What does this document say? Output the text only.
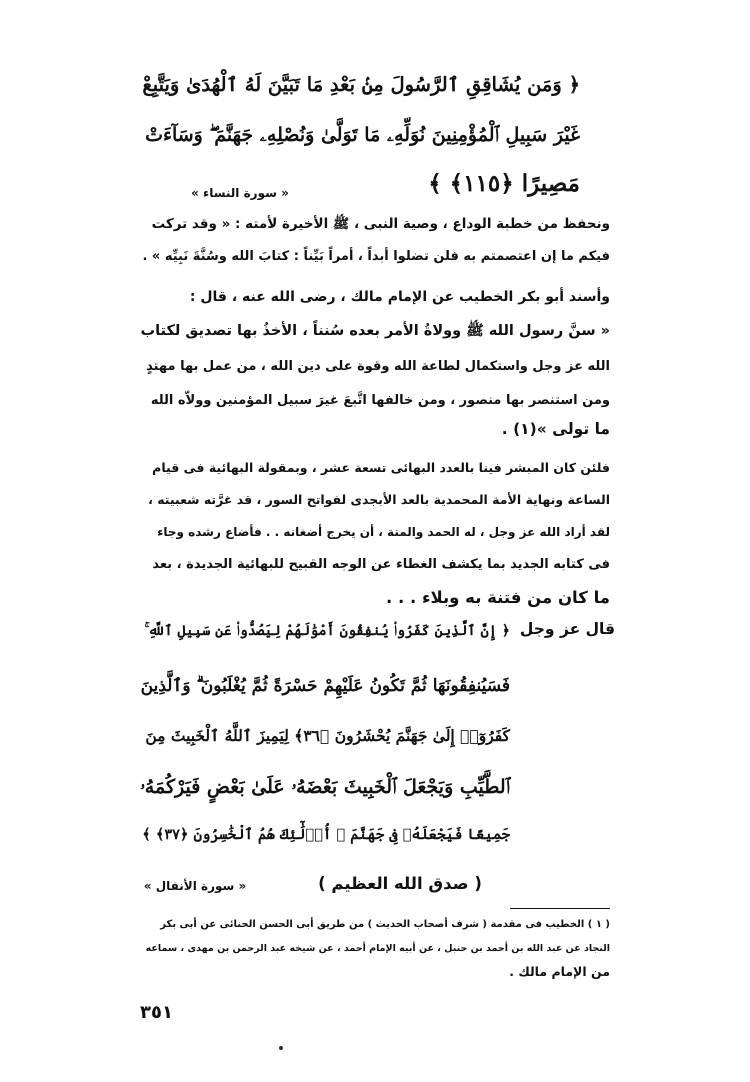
﴿ وَمَن يُشَاقِقِ ٱلرَّسُولَ مِنۢ بَعْدِ مَا تَبَيَّنَ لَهُ ٱلْهُدَىٰ وَيَتَّبِعْ
غَيْرَ سَبِيلِ ٱلْمُؤْمِنِينَ نُوَلِّهِۦ مَا تَوَلَّىٰ وَنُصْلِهِۦ جَهَنَّمَ ۖ وَسَآءَتْ
مَصِيرًا ﴿١١٥﴾ ﴾
« سورة النساء »
ونحفظ من خطبة الوداع ، وصية النبى ، ﷺ الأخيرة لأمته : « وقد تركت
فيكم ما إن اعتصمتم به فلن تضلوا أبداً ، أمراً بَيِّناً : كتابَ الله وسُنَّةَ نَبِيِّه » .
وأسند أبو بكر الخطيب عن الإمام مالك ، رضى الله عنه ، قال :
« سنَّ رسول الله ﷺ وولاةُ الأمر بعده سُنناً ، الأخذُ بها تصديق لكتاب
الله عز وجل واستكمال لطاعة الله وقوة على دين الله ، من عمل بها مهتدٍ
ومن استنصر بها منصور ، ومن خالفها اتَّبعَ غيرَ سبيل المؤمنين وولاّه الله
ما تولى »(١) .
فلئن كان المبشر فينا بالعدد البهائى تسعة عشر ، وبمقولة البهائية فى قيام
الساعة ونهاية الأمة المحمدية بالعد الأبجدى لفواتح السور ، قد غرَّته شعبيته ،
لقد أراد الله عز وجل ، له الحمد والمنة ، أن يخرج أضغانه . . فأضاع رشده وجاء
فى كتابه الجديد بما يكشف الغطاء عن الوجه القبيح للبهائية الجديدة ، بعد
ما كان من فتنة به وبلاء . . .
قال عز وجل
﴿ إِنَّ ٱلَّذِينَ كَفَرُوا۟ يُنفِقُونَ أَمْوَٰلَهُمْ لِيَصُدُّوا۟ عَن سَبِيلِ ٱللَّهِ ۚ
فَسَيُنفِقُونَهَا ثُمَّ تَكُونُ عَلَيْهِمْ حَسْرَةً ثُمَّ يُغْلَبُونَ ۗ وَٱلَّذِينَ
كَفَرُوٓا۟ إِلَىٰ جَهَنَّمَ يُحْشَرُونَ ﴿٣٦﴾ لِيَمِيزَ ٱللَّهُ ٱلْخَبِيثَ مِنَ
ٱلطَّيِّبِ وَيَجْعَلَ ٱلْخَبِيثَ بَعْضَهُۥ عَلَىٰ بَعْضٍ فَيَرْكُمَهُۥ
جَمِيعًا فَيَجْعَلَهُۥ فِى جَهَنَّمَ ۚ أُو۟لَٰٓئِكَ هُمُ ٱلْخَٰسِرُونَ ﴿٣٧﴾ ﴾
( صدق الله العظيم )
« سورة الأنفال »
( ١ ) الخطيب فى مقدمة ( شرف أصحاب الحديث ) من طريق أبى الحسن الحنائى عن أبى بكر
النجاد عن عبد الله بن أحمد بن حنبل ، عن أبيه الإمام أحمد ، عن شيخه عبد الرحمن بن مهدى ، سماعه
من الإمام مالك .
٣٥١
